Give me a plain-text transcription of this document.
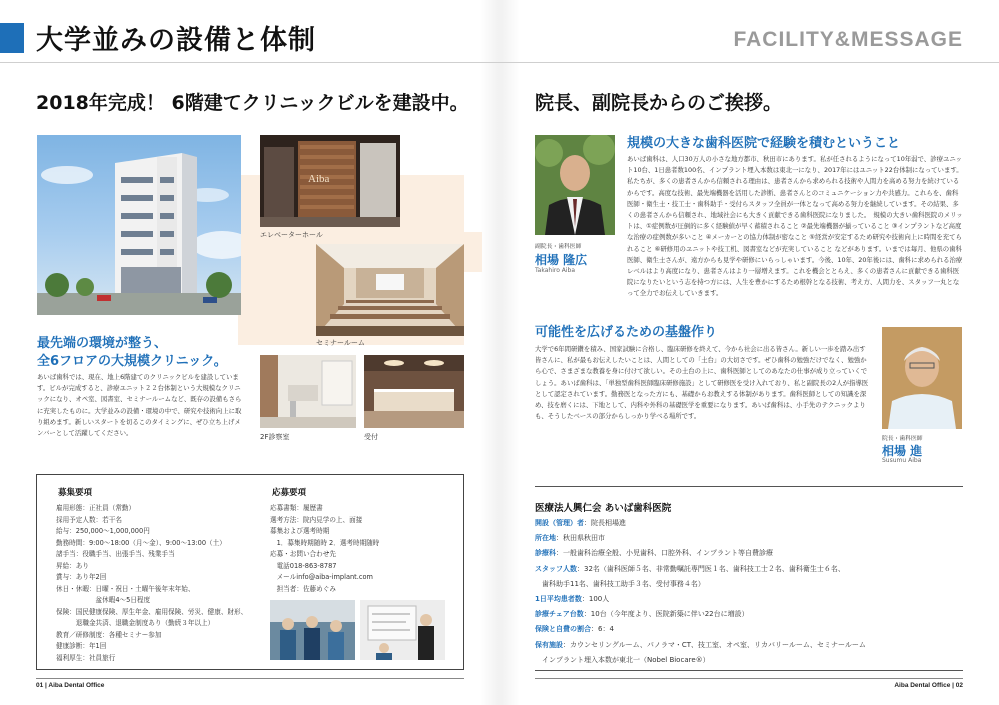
大学並みの設備と体制	FACILITY&MESSAGE
2018年完成！ 6階建てクリニックビルを建設中。
Aiba
エレベーターホール
セミナールーム
2F診察室	受付
最先端の環境が整う、
全6フロアの大規模クリニック。
あいば歯科では、現在、地上6階建てのクリニックビルを建設しています。ビルが完成すると、診療ユニット２２台体制という大規模なクリニックになり、オペ室、図書室、セミナールームなど、既存の設備もさらに充実したものに。大学並みの設備・環境の中で、研究や技術向上に取り組めます。新しいスタートを切るこのタイミングに、ぜひ立ち上げメンバーとして活躍してください。
募集要項
雇用形態：正社員（常勤）
採用予定人数：若干名
給与：250,000〜1,000,000円
勤務時間：9:00〜18:00（月〜金）、9:00〜13:00（土）
諸手当：役職手当、出張手当、残業手当
昇給：あり
賞与：あり年2回
休日・休暇：日曜・祝日・土曜午後年末年始、
　　　　　　盆休暇4〜5日程度
保険：国民健康保険、厚生年金、雇用保険、労災、健康、財形、
　　　退職金共済、退職金制度あり（勤続３年以上）
教育／研修制度：各種セミナー参加
健康診断：年1回
福利厚生：社員旅行
応募要項
応募書類：履歴書
選考方法：院内見学の上、面接
募集および選考時期
　1．募集時期随時 2．選考時期随時
応募・お問い合わせ先
　電話018-863-8787
　メールinfo@aiba-implant.com
　担当者：佐藤めぐみ
01 | Aiba Dental Office
院長、副院長からのご挨拶。
副院長・歯科医師
相場 隆広
Takahiro Aiba
規模の大きな歯科医院で経験を積むということ
あいば歯科は、人口30万人の小さな地方都市、秋田市にあります。私が任されるようになって10年弱で、診療ユニット10台、1日患者数100名、インプラント埋入本数は東北一になり、2017年にはユニット22台体制になっています。私たちが、多くの患者さんから信頼される理由は、患者さんから求められる技術や人間力を高める努力を続けているからです。高度な技術、最先端機器を活用した診断、患者さんとのコミュニケーション力や共感力。これらを、歯科医師・衛生士・技工士・歯科助手・受付らスタッフ全員が一体となって高める努力を継続しています。その結果、多くの患者さんから信頼され、地域社会にも大きく貢献できる歯科医院になりました。　規模の大きい歯科医院のメリットは、①症例数が圧倒的に多く経験値が早く蓄積されること ②最先端機器が揃っていること ③インプラントなど高度な治療の症例数が多いこと ④メーカーとの協力体制が密なこと ⑤経営が安定するため研究や技術向上に時間を充てられること ⑥研修用のユニットや技工机、図書室などが充実していること などがあります。いまでは毎月、他県の歯科医師、衛生士さんが、遠方からも見学や研修にいらっしゃいます。今後、10年、20年後には、歯科に求められる治療レベルはより高度になり、患者さんはより一層増えます。これを機会ととらえ、多くの患者さんに貢献できる歯科医院になりたいという志を持つ方には、人生を豊かにするため根幹となる技術、考え方、人間力を、スタッフ一丸となって全力でお伝えしていきます。
可能性を広げるための基盤作り
大学で6年間研鑽を積み、国家試験に合格し、臨床研修を終えて、今から社会に出る皆さん。新しい一歩を踏み出す皆さんに、私が最もお伝えしたいことは、人間としての「土台」の大切さです。ぜひ歯科の勉強だけでなく、勉強から心で、さまざまな教養を身に付けて欲しい。その土台の上に、歯科医師としてのあなたの仕事が成り立っていくでしょう。あいば歯科は、「単独型歯科医師臨床研修施設」として研修医を受け入れており、私と副院長の2人が指導医として認定されています。勤務医となった方にも、基礎からお教えする体制があります。歯科医師としての知識を深め、技を磨くには、下地として、内科や外科の基礎医学を重要になります。あいば歯科は、小手先のテクニックよりも、そうしたベースの部分からしっかり学べる場所です。
院長・歯科医師
相場 進
Susumu Aiba
医療法人興仁会 あいば歯科医院
開設（管理）者：院長相場進
所在地：秋田県秋田市
診療科：一般歯科治療全般、小児歯科、口腔外科、インプラント等自費診療
スタッフ人数：32名（歯科医師５名、非常勤嘱託専門医１名、歯科技工士２名、歯科衛生士６名、
　歯科助手11名、歯科技工助手３名、受付事務４名）
1日平均患者数：100人
診療チェア台数：10台（今年度より、医院新築に伴い22台に増設）
保険と自費の割合：6：4
保有施設：カウンセリングルーム、パノラマ・CT、技工室、オペ室、リカバリールーム、セミナールーム
　インプラント埋入本数が東北一（Nobel Biocare®）
Aiba Dental Office | 02
